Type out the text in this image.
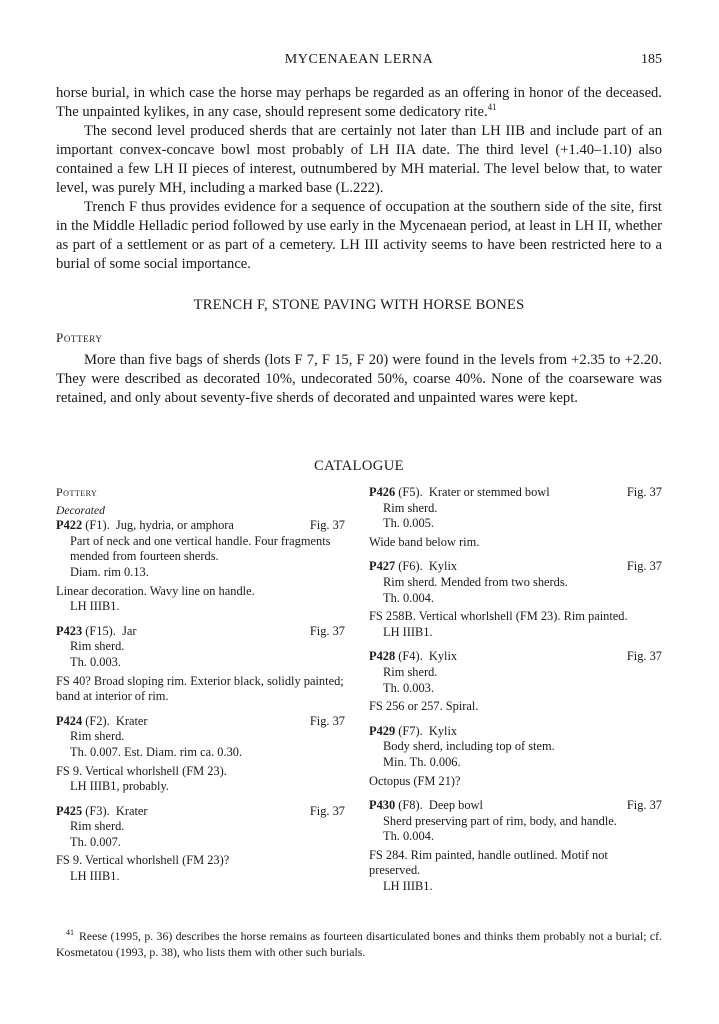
MYCENAEAN LERNA	185

horse burial, in which case the horse may perhaps be regarded as an offering in honor of the deceased. The unpainted kylikes, in any case, should represent some dedicatory rite.$^{41}$

The second level produced sherds that are certainly not later than LH IIB and include part of an important convex-concave bowl most probably of LH IIA date. The third level (+1.40–1.10) also contained a few LH II pieces of interest, outnumbered by MH material. The level below that, to water level, was purely MH, including a marked base (L.222).

Trench F thus provides evidence for a sequence of occupation at the southern side of the site, first in the Middle Helladic period followed by use early in the Mycenaean period, at least in LH II, whether as part of a settlement or as part of a cemetery. LH III activity seems to have been restricted here to a burial of some social importance.

TRENCH F, STONE PAVING WITH HORSE BONES
Pottery

More than five bags of sherds (lots F 7, F 15, F 20) were found in the levels from +2.35 to +2.20. They were described as decorated 10%, undecorated 50%, coarse 40%. None of the coarseware was retained, and only about seventy-five sherds of decorated and unpainted wares were kept.

CATALOGUE
Pottery
Decorated
P422 (F1). Jug, hydria, or amphora	Fig. 37
Part of neck and one vertical handle. Four fragments mended from fourteen sherds.
Diam. rim 0.13.
Linear decoration. Wavy line on handle.
LH IIIB1.
P423 (F15). Jar	Fig. 37
Rim sherd.
Th. 0.003.
FS 40? Broad sloping rim. Exterior black, solidly painted; band at interior of rim.
P424 (F2). Krater	Fig. 37
Rim sherd.
Th. 0.007. Est. Diam. rim ca. 0.30.
FS 9. Vertical whorlshell (FM 23).
LH IIIB1, probably.
P425 (F3). Krater	Fig. 37
Rim sherd.
Th. 0.007.
FS 9. Vertical whorlshell (FM 23)?
LH IIIB1.
P426 (F5). Krater or stemmed bowl	Fig. 37
Rim sherd.
Th. 0.005.
Wide band below rim.
P427 (F6). Kylix	Fig. 37
Rim sherd. Mended from two sherds.
Th. 0.004.
FS 258B. Vertical whorlshell (FM 23). Rim painted.
LH IIIB1.
P428 (F4). Kylix	Fig. 37
Rim sherd.
Th. 0.003.
FS 256 or 257. Spiral.
P429 (F7). Kylix
Body sherd, including top of stem.
Min. Th. 0.006.
Octopus (FM 21)?
P430 (F8). Deep bowl	Fig. 37
Sherd preserving part of rim, body, and handle.
Th. 0.004.
FS 284. Rim painted, handle outlined. Motif not preserved.
LH IIIB1.
$^{41}$ Reese (1995, p. 36) describes the horse remains as fourteen disarticulated bones and thinks them probably not a burial; cf. Kosmetatou (1993, p. 38), who lists them with other such burials.
